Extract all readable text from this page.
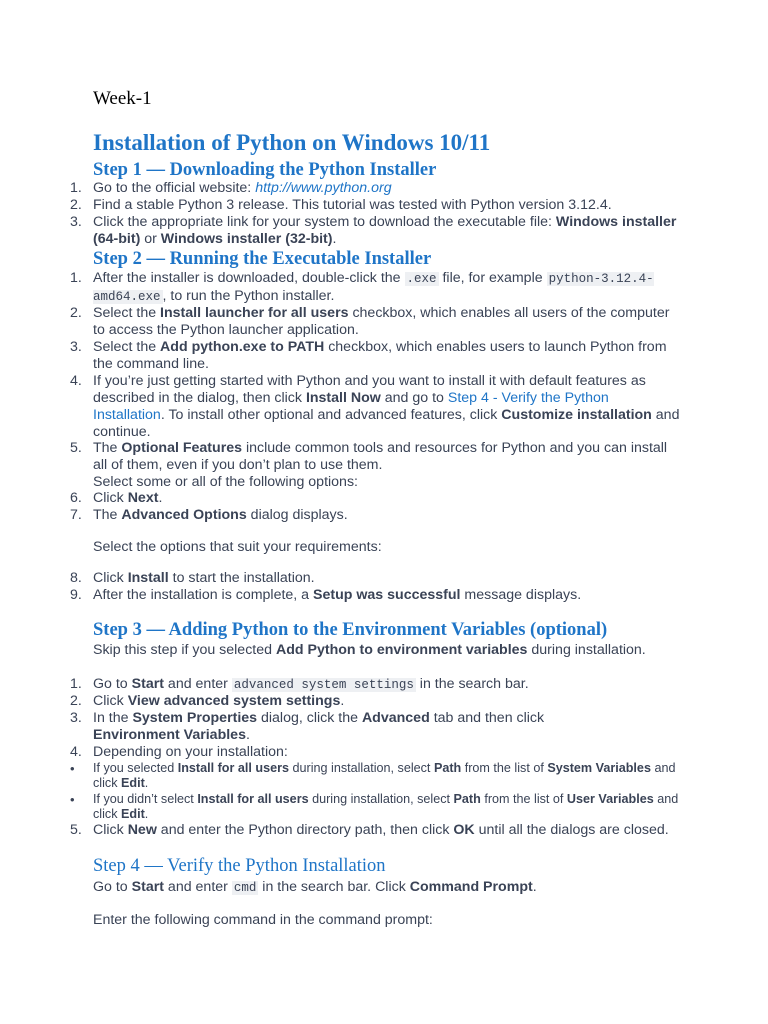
Week-1
Installation of Python on Windows 10/11
Step 1 — Downloading the Python Installer
1. Go to the official website: http://www.python.org
2. Find a stable Python 3 release. This tutorial was tested with Python version 3.12.4.
3. Click the appropriate link for your system to download the executable file: Windows installer (64-bit) or Windows installer (32-bit).
Step 2 — Running the Executable Installer
1. After the installer is downloaded, double-click the .exe file, for example python-3.12.4-amd64.exe , to run the Python installer.
2. Select the Install launcher for all users checkbox, which enables all users of the computer to access the Python launcher application.
3. Select the Add python.exe to PATH checkbox, which enables users to launch Python from the command line.
4. If you’re just getting started with Python and you want to install it with default features as described in the dialog, then click Install Now and go to Step 4 - Verify the Python Installation. To install other optional and advanced features, click Customize installation and continue.
5. The Optional Features include common tools and resources for Python and you can install all of them, even if you don’t plan to use them.
Select some or all of the following options:
6. Click Next.
7. The Advanced Options dialog displays.
Select the options that suit your requirements:
8. Click Install to start the installation.
9. After the installation is complete, a Setup was successful message displays.
Step 3 — Adding Python to the Environment Variables (optional)
Skip this step if you selected Add Python to environment variables during installation.
1. Go to Start and enter advanced system settings in the search bar.
2. Click View advanced system settings.
3. In the System Properties dialog, click the Advanced tab and then click Environment Variables.
4. Depending on your installation:
• If you selected Install for all users during installation, select Path from the list of System Variables and click Edit.
• If you didn’t select Install for all users during installation, select Path from the list of User Variables and click Edit.
5. Click New and enter the Python directory path, then click OK until all the dialogs are closed.
Step 4 — Verify the Python Installation
Go to Start and enter cmd in the search bar. Click Command Prompt.
Enter the following command in the command prompt:
